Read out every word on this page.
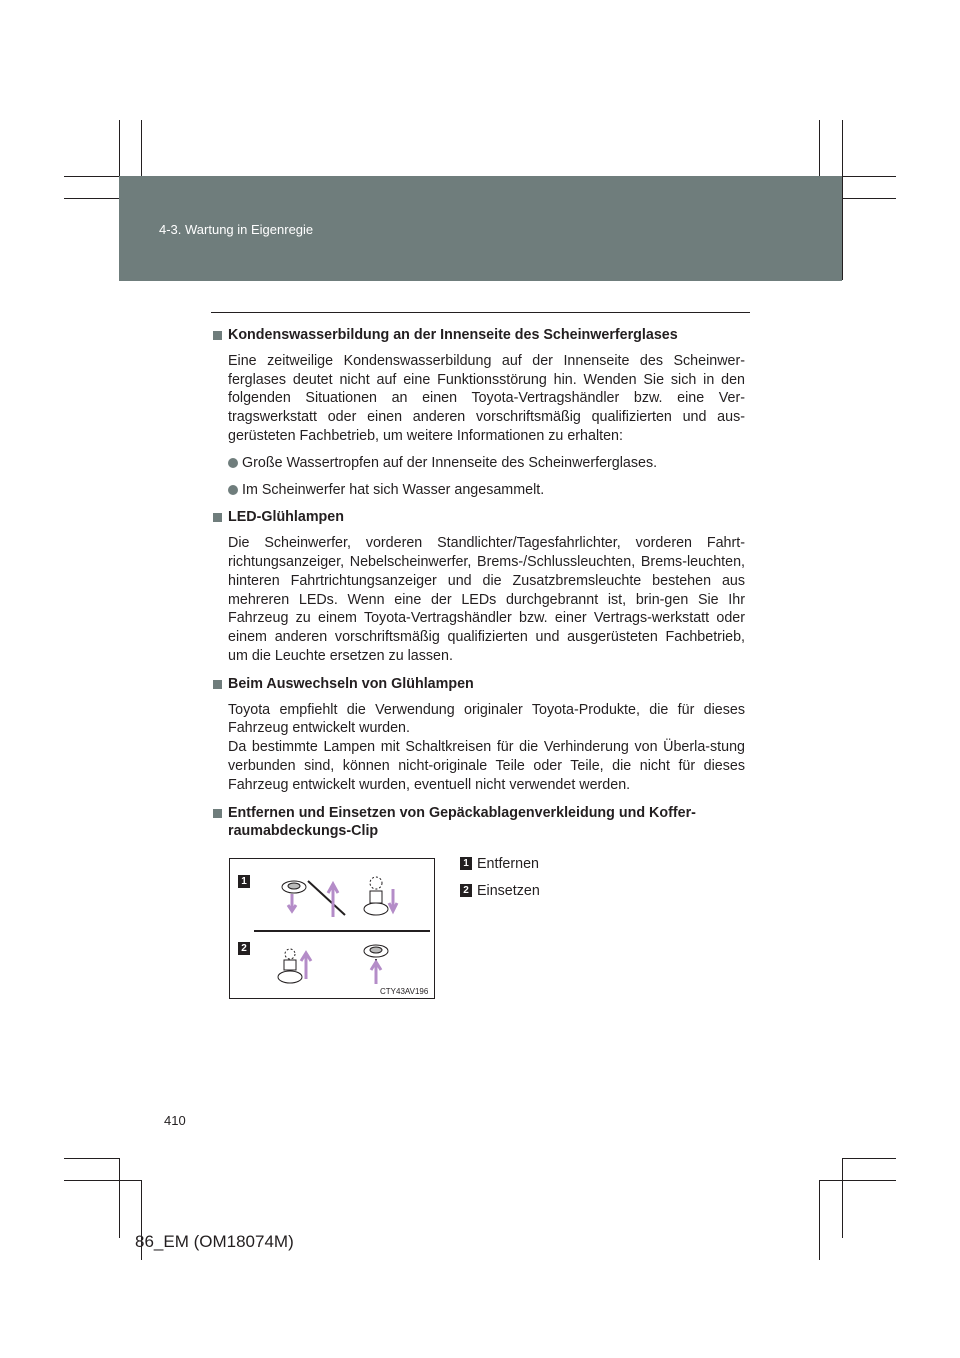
4-3. Wartung in Eigenregie

Kondenswasserbildung an der Innenseite des Scheinwerferglases

Eine zeitweilige Kondenswasserbildung auf der Innenseite des Scheinwer-ferglases deutet nicht auf eine Funktionsstörung hin. Wenden Sie sich in den folgenden Situationen an einen Toyota-Vertragshändler bzw. eine Ver-tragswerkstatt oder einen anderen vorschriftsmäßig qualifizierten und aus-gerüsteten Fachbetrieb, um weitere Informationen zu erhalten:

Große Wassertropfen auf der Innenseite des Scheinwerferglases.

Im Scheinwerfer hat sich Wasser angesammelt.

LED-Glühlampen

Die Scheinwerfer, vorderen Standlichter/Tagesfahrlichter, vorderen Fahrt-richtungsanzeiger, Nebelscheinwerfer, Brems-/Schlussleuchten, Brems-leuchten, hinteren Fahrtrichtungsanzeiger und die Zusatzbremsleuchte bestehen aus mehreren LEDs. Wenn eine der LEDs durchgebrannt ist, brin-gen Sie Ihr Fahrzeug zu einem Toyota-Vertragshändler bzw. einer Vertrags-werkstatt oder einem anderen vorschriftsmäßig qualifizierten und ausgerüsteten Fachbetrieb, um die Leuchte ersetzen zu lassen.

Beim Auswechseln von Glühlampen

Toyota empfiehlt die Verwendung originaler Toyota-Produkte, die für dieses Fahrzeug entwickelt wurden.

Da bestimmte Lampen mit Schaltkreisen für die Verhinderung von Überla-stung verbunden sind, können nicht-originale Teile oder Teile, die nicht für dieses Fahrzeug entwickelt wurden, eventuell nicht verwendet werden.

Entfernen und Einsetzen von Gepäckablagenverkleidung und Koffer-raumabdeckungs-Clip

1
2
CTY43AV196
1 Entfernen
2 Einsetzen
410
86_EM (OM18074M)
